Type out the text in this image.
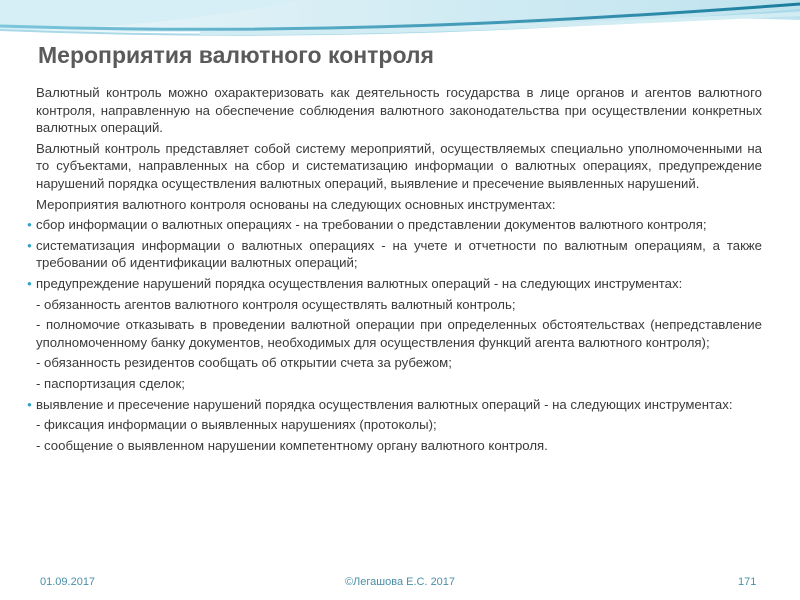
Мероприятия валютного контроля

Валютный контроль можно охарактеризовать как деятельность государства в лице органов и агентов валютного контроля, направленную на обеспечение соблюдения валютного законодательства при осуществлении конкретных валютных операций.

Валютный контроль представляет собой систему мероприятий, осуществляемых специально уполномоченными на то субъектами, направленных на сбор и систематизацию информации о валютных операциях, предупреждение нарушений порядка осуществления валютных операций, выявление и пресечение выявленных нарушений.

Мероприятия валютного контроля основаны на следующих основных инструментах:

● сбор информации о валютных операциях - на требовании о представлении документов валютного контроля;

● систематизация информации о валютных операциях - на учете и отчетности по валютным операциям, а также требовании об идентификации валютных операций;

● предупреждение нарушений порядка осуществления валютных операций - на следующих инструментах:

- обязанность агентов валютного контроля осуществлять валютный контроль;

- полномочие отказывать в проведении валютной операции при определенных обстоятельствах (непредставление уполномоченному банку документов, необходимых для осуществления функций агента валютного контроля);

- обязанность резидентов сообщать об открытии счета за рубежом;

- паспортизация сделок;

● выявление и пресечение нарушений порядка осуществления валютных операций - на следующих инструментах:

- фиксация информации о выявленных нарушениях (протоколы);

- сообщение о выявленном нарушении компетентному органу валютного контроля.

01.09.2017	©Легашова Е.С. 2017	171
